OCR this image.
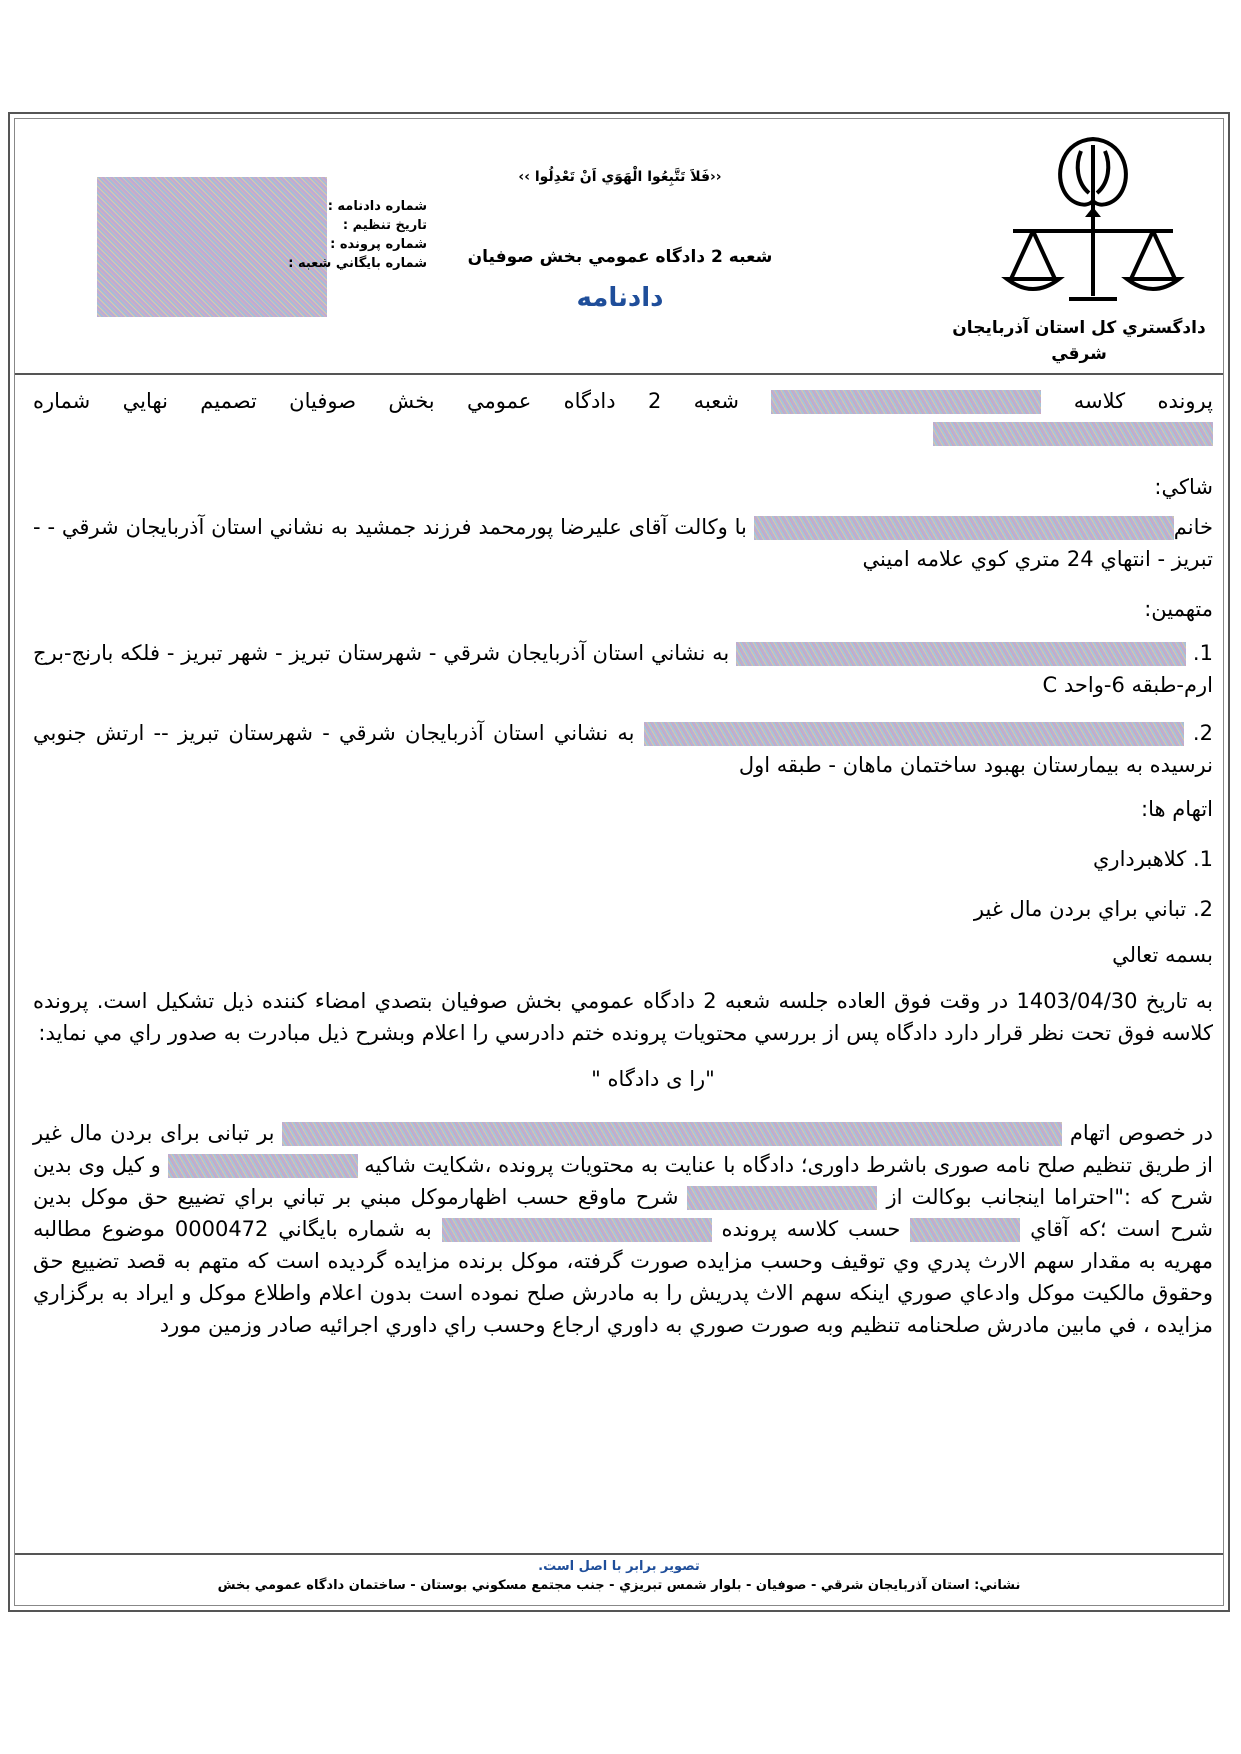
دادگستري کل استان آذربايجان
شرقي
‹‹فَلاَ تَتَّبِعُوا الْهَوَي اَنْ تَعْدِلُوا ››
شعبه 2 دادگاه عمومي بخش صوفيان
دادنامه
شماره دادنامه :
تاريخ تنظيم :
شماره پرونده :
شماره بايگاني شعبه :

پرونده کلاسه  شعبه 2 دادگاه عمومي بخش صوفيان تصميم نهايي شماره

شاکي:

خانم با وکالت آقای عليرضا پورمحمد فرزند جمشيد به نشاني استان آذربايجان شرقي - - تبريز - انتهاي 24 متري کوي علامه اميني

متهمين:

1.  به نشاني استان آذربايجان شرقي - شهرستان تبريز - شهر تبريز - فلکه بارنج-برج ارم-طبقه 6-واحد C

2.  به نشاني استان آذربايجان شرقي - شهرستان تبريز -- ارتش جنوبي نرسيده به بيمارستان بهبود ساختمان ماهان - طبقه اول

اتهام ها:

1. کلاهبرداري

2. تباني براي بردن مال غير

بسمه تعالي

به تاريخ 1403/04/30 در وقت فوق العاده جلسه شعبه 2 دادگاه عمومي بخش صوفيان بتصدي امضاء کننده ذيل تشکيل است. پرونده کلاسه فوق تحت نظر قرار دارد دادگاه پس از بررسي محتويات پرونده ختم دادرسي را اعلام وبشرح ذيل مبادرت به صدور راي مي نمايد:

"را ی دادگاه "

در خصوص اتهام  بر تبانی برای بردن مال غير از طريق تنظيم صلح نامه صوری باشرط داوری؛ دادگاه با عنايت به محتويات پرونده ،شکايت شاکيه  و کيل وی بدين شرح که :"احتراما اينجانب بوکالت از  شرح ماوقع حسب اظهارموکل مبني بر تباني براي تضييع حق موکل بدين شرح است ؛که آقاي  حسب کلاسه پرونده  به شماره بايگاني 0000472 موضوع مطالبه مهريه به مقدار سهم الارث پدري وي توقيف وحسب مزايده صورت گرفته، موکل برنده مزايده گرديده است که متهم به قصد تضييع حق وحقوق مالکيت موکل وادعاي صوري اينکه سهم الاث پدريش را به مادرش صلح نموده است بدون اعلام واطلاع موکل و ايراد به برگزاري مزايده ، في مابين مادرش صلحنامه تنظيم وبه صورت صوري به داوري ارجاع وحسب راي داوري اجرائيه صادر وزمين مورد

تصوير برابر با اصل است.
نشاني: استان آذربايجان شرقي - صوفيان - بلوار شمس تبريزي - جنب مجتمع مسکوني بوستان - ساختمان دادگاه عمومي بخش
